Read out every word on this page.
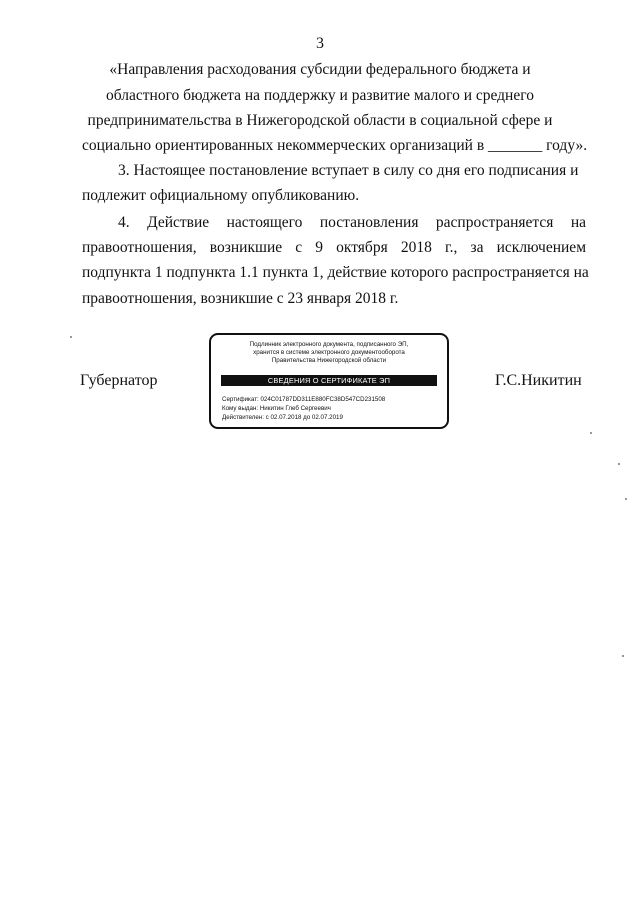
3
«Направления расходования субсидии федерального бюджета и
областного бюджета на поддержку и развитие малого и среднего
предпринимательства в Нижегородской области в социальной сфере и
социально ориентированных некоммерческих организаций в _______ году».
3. Настоящее постановление вступает в силу со дня его подписания и
подлежит официальному опубликованию.
4. Действие настоящего постановления распространяется на
правоотношения, возникшие с 9 октября 2018 г., за исключением
подпункта 1 подпункта 1.1 пункта 1, действие которого распространяется на
правоотношения, возникшие с 23 января 2018 г.
Губернатор	Г.С.Никитин
Подлинник электронного документа, подписанного ЭП,
хранится в системе электронного документооборота
Правительства Нижегородской области
СВЕДЕНИЯ О СЕРТИФИКАТЕ ЭП
Сертификат: 024C01787DD311E880FC38D547CD231508
Кому выдан: Никитин Глеб Сергеевич
Действителен: с 02.07.2018 до 02.07.2019
